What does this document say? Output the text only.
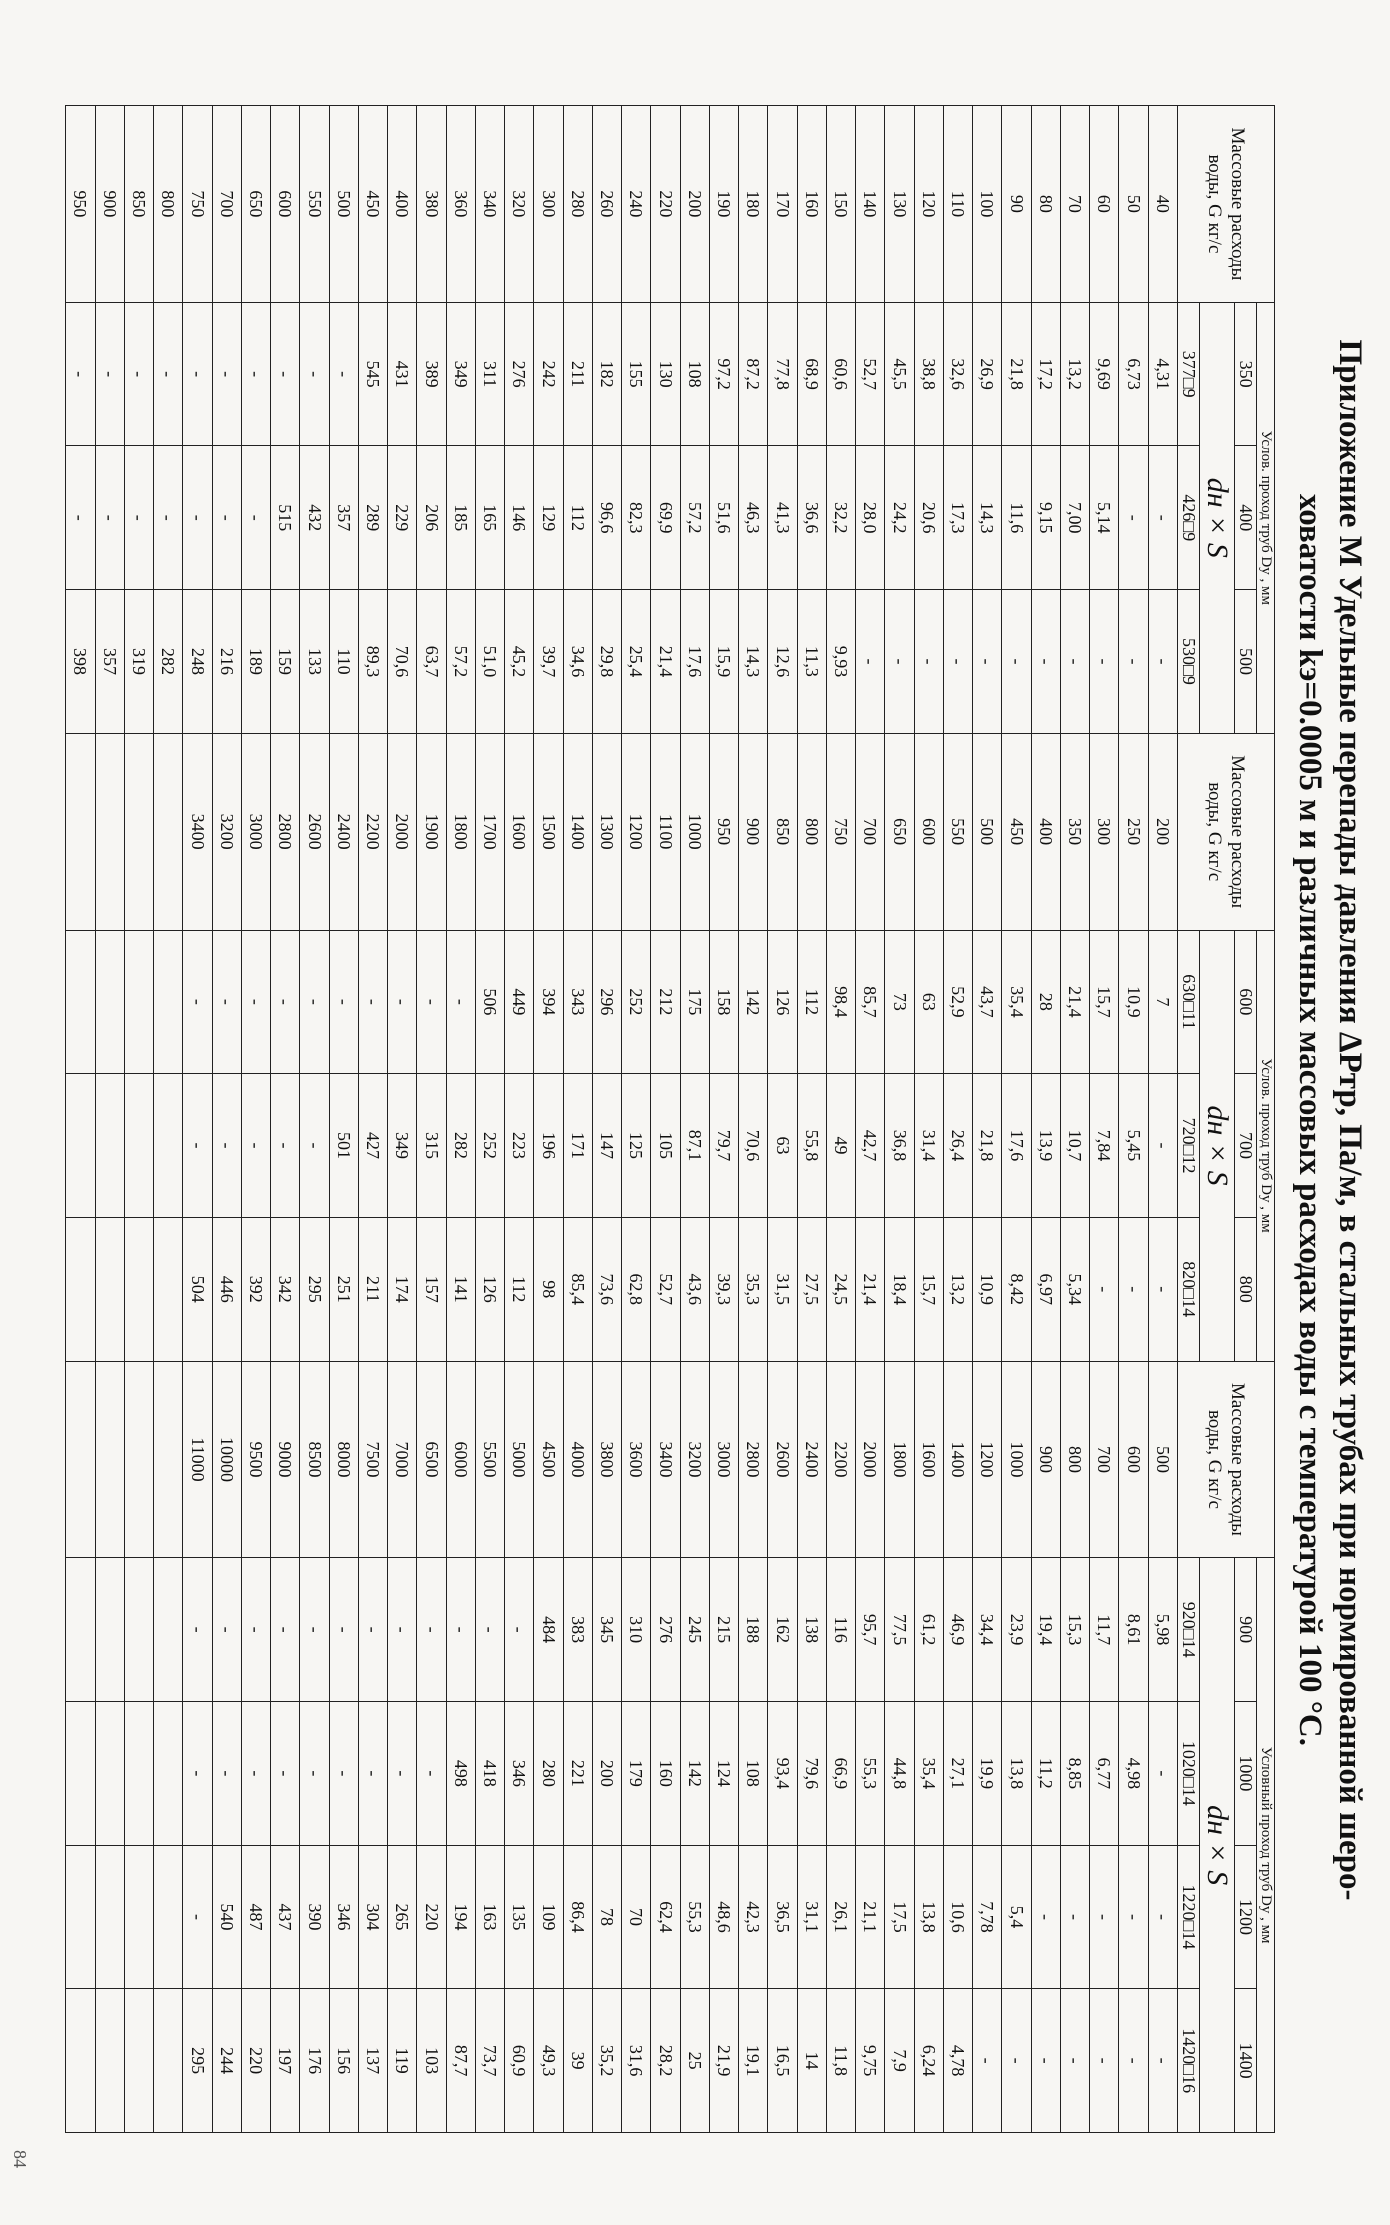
Приложение М Удельные перепады давления ΔPтр, Па/м, в стальных трубах при нормированной шеро-
ховатости kэ=0.0005 м и различных массовых расходах воды с температурой 100 °С.
Массовые расходы воды, G кг/с	Услов. проход труб Dу , мм			Массовые расходы воды, G кг/с	Услов. проход труб Dу , мм			Массовые расходы воды, G кг/с	Условный проход труб Dу , мм			
	350	400	500		600	700	800		900	1000	1200	1400
	dн × S				dн × S				dн × S			
	377□9	426□9	530□9		630□11	720□12	820□14		920□14	1020□14	1220□14	1420□16
40	4,31	-	-	200	7	-	-	500	5,98	-	-	-
50	6,73	-	-	250	10,9	5,45	-	600	8,61	4,98	-	-
60	9,69	5,14	-	300	15,7	7,84	-	700	11,7	6,77	-	-
70	13,2	7,00	-	350	21,4	10,7	5,34	800	15,3	8,85	-	-
80	17,2	9,15	-	400	28	13,9	6,97	900	19,4	11,2	-	-
90	21,8	11,6	-	450	35,4	17,6	8,42	1000	23,9	13,8	5,4	-
100	26,9	14,3	-	500	43,7	21,8	10,9	1200	34,4	19,9	7,78	-
110	32,6	17,3	-	550	52,9	26,4	13,2	1400	46,9	27,1	10,6	4,78
120	38,8	20,6	-	600	63	31,4	15,7	1600	61,2	35,4	13,8	6,24
130	45,5	24,2	-	650	73	36,8	18,4	1800	77,5	44,8	17,5	7,9
140	52,7	28,0	-	700	85,7	42,7	21,4	2000	95,7	55,3	21,1	9,75
150	60,6	32,2	9,93	750	98,4	49	24,5	2200	116	66,9	26,1	11,8
160	68,9	36,6	11,3	800	112	55,8	27,5	2400	138	79,6	31,1	14
170	77,8	41,3	12,6	850	126	63	31,5	2600	162	93,4	36,5	16,5
180	87,2	46,3	14,3	900	142	70,6	35,3	2800	188	108	42,3	19,1
190	97,2	51,6	15,9	950	158	79,7	39,3	3000	215	124	48,6	21,9
200	108	57,2	17,6	1000	175	87,1	43,6	3200	245	142	55,3	25
220	130	69,9	21,4	1100	212	105	52,7	3400	276	160	62,4	28,2
240	155	82,3	25,4	1200	252	125	62,8	3600	310	179	70	31,6
260	182	96,6	29,8	1300	296	147	73,6	3800	345	200	78	35,2
280	211	112	34,6	1400	343	171	85,4	4000	383	221	86,4	39
300	242	129	39,7	1500	394	196	98	4500	484	280	109	49,3
320	276	146	45,2	1600	449	223	112	5000	-	346	135	60,9
340	311	165	51,0	1700	506	252	126	5500	-	418	163	73,7
360	349	185	57,2	1800	-	282	141	6000	-	498	194	87,7
380	389	206	63,7	1900	-	315	157	6500	-	-	220	103
400	431	229	70,6	2000	-	349	174	7000	-	-	265	119
450	545	289	89,3	2200	-	427	211	7500	-	-	304	137
500	-	357	110	2400	-	501	251	8000	-	-	346	156
550	-	432	133	2600	-	-	295	8500	-	-	390	176
600	-	515	159	2800	-	-	342	9000	-	-	437	197
650	-	-	189	3000	-	-	392	9500	-	-	487	220
700	-	-	216	3200	-	-	446	10000	-	-	540	244
750	-	-	248	3400	-	-	504	11000	-	-	-	295
800	-	-	282									
850	-	-	319									
900	-	-	357									
950	-	-	398									
84
